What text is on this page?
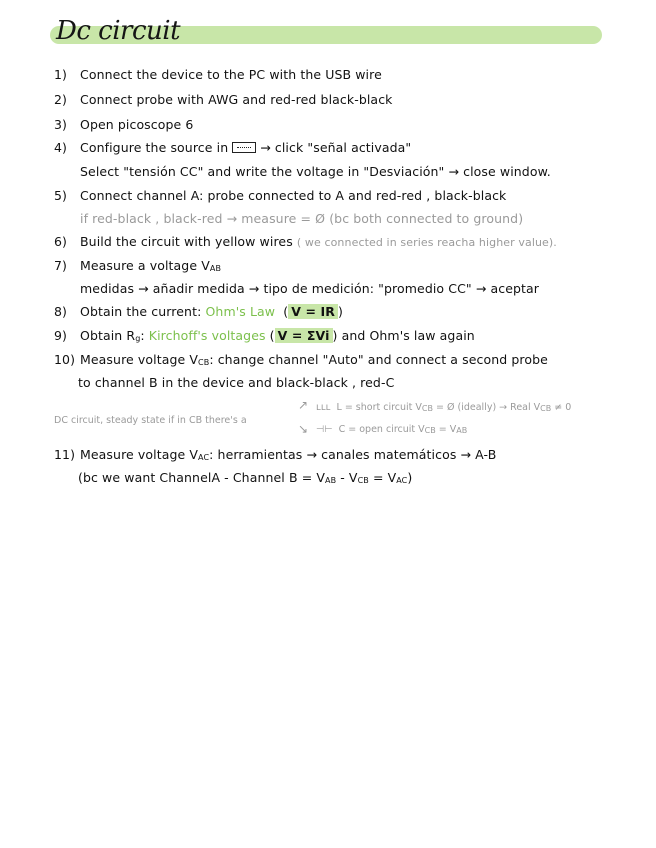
Dc circuit
1) Connect the device to the PC with the USB wire
2) Connect probe with AWG and red-red black-black
3) Open picoscope 6
4) Configure the source in	→ click "señal activada"
Select "tensión CC" and write the voltage in "Desviación" → close window.
5) Connect channel A: probe connected to A and red-red , black-black
if red-black , black-red → measure = Ø (bc both connected to ground)
6) Build the circuit with yellow wires ( we connected in series reacha higher value).
7) Measure a voltage VAB
medidas → añadir medida → tipo de medición: "promedio CC" → aceptar
8) Obtain the current: Ohm's Law  ( V = IR )
9) Obtain Rg: Kirchoff's voltages ( V = ΣVi ) and Ohm's law again
10) Measure voltage VCB: change channel "Auto" and connect a second probe
to channel B in the device and black-black , red-C
DC circuit, steady state if in CB there's a
↗
↘
ʟʟʟ L = short circuit VCB = Ø (ideally) → Real VCB ≠ 0
⊣⊢ C = open circuit VCB = VAB
11) Measure voltage VAC: herramientas → canales matemáticos → A-B
(bc we want ChannelA - Channel B = VAB - VCB = VAC)
